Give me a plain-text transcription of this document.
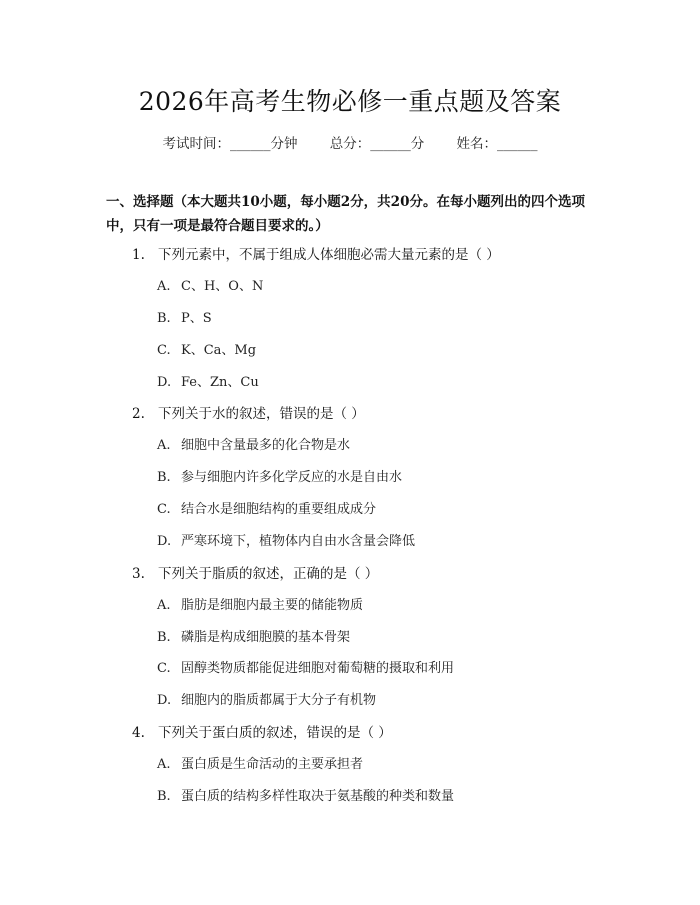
2026年高考生物必修一重点题及答案
考试时间：______分钟 总分：______分 姓名：______
一、选择题（本大题共10小题，每小题2分，共20分。在每小题列出的四个选项中，只有一项是最符合题目要求的。）
1. 下列元素中，不属于组成人体细胞必需大量元素的是（ ）
A. C、H、O、N
B. P、S
C. K、Ca、Mg
D. Fe、Zn、Cu
2. 下列关于水的叙述，错误的是（ ）
A. 细胞中含量最多的化合物是水
B. 参与细胞内许多化学反应的水是自由水
C. 结合水是细胞结构的重要组成成分
D. 严寒环境下，植物体内自由水含量会降低
3. 下列关于脂质的叙述，正确的是（ ）
A. 脂肪是细胞内最主要的储能物质
B. 磷脂是构成细胞膜的基本骨架
C. 固醇类物质都能促进细胞对葡萄糖的摄取和利用
D. 细胞内的脂质都属于大分子有机物
4. 下列关于蛋白质的叙述，错误的是（ ）
A. 蛋白质是生命活动的主要承担者
B. 蛋白质的结构多样性取决于氨基酸的种类和数量
